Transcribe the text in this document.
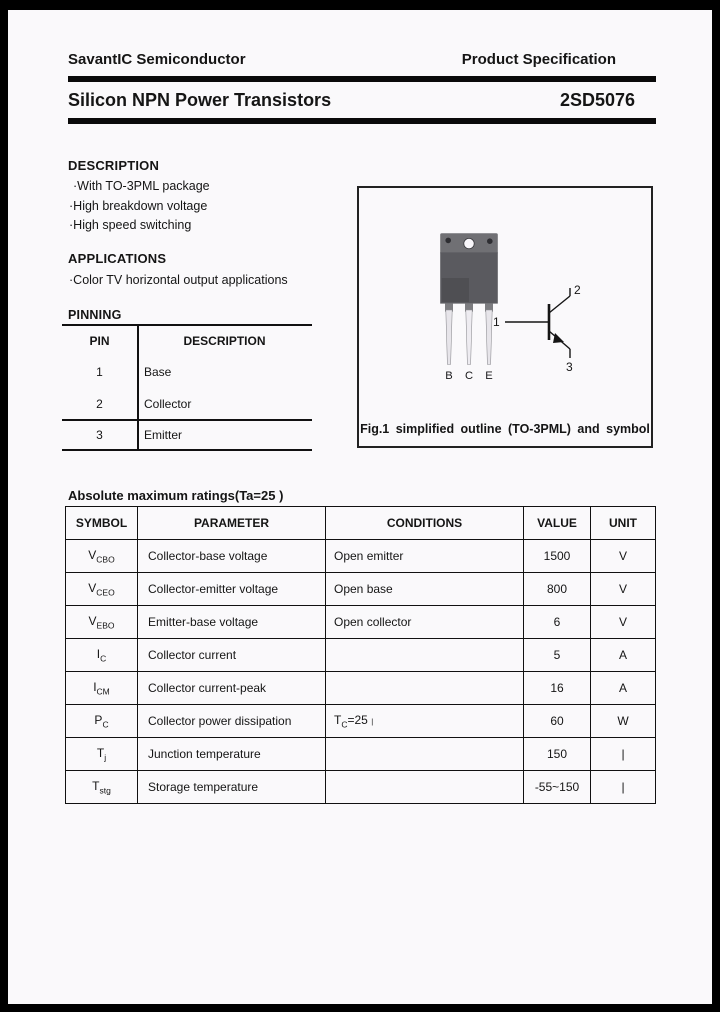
SavantIC Semiconductor	Product Specification
Silicon NPN Power Transistors	2SD5076
DESCRIPTION
·With TO-3PML package
·High breakdown voltage
·High speed switching
APPLICATIONS
·Color TV horizontal output applications
PINNING
PIN	DESCRIPTION
1	Base
2	Collector
3	Emitter
B C E
1
2
3
Fig.1 simplified outline (TO-3PML) and symbol
Absolute maximum ratings(Ta=25 )
SYMBOL	PARAMETER	CONDITIONS	VALUE	UNIT
$V_{CBO}$	Collector-base voltage	Open emitter	1500	V
$V_{CEO}$	Collector-emitter voltage	Open base	800	V
$V_{EBO}$	Emitter-base voltage	Open collector	6	V
$I_C$	Collector current		5	A
$I_{CM}$	Collector current-peak		16	A
$P_C$	Collector power dissipation	$T_C=25$ |	60	W
$T_j$	Junction temperature		150	|
$T_{stg}$	Storage temperature		-55~150	|
